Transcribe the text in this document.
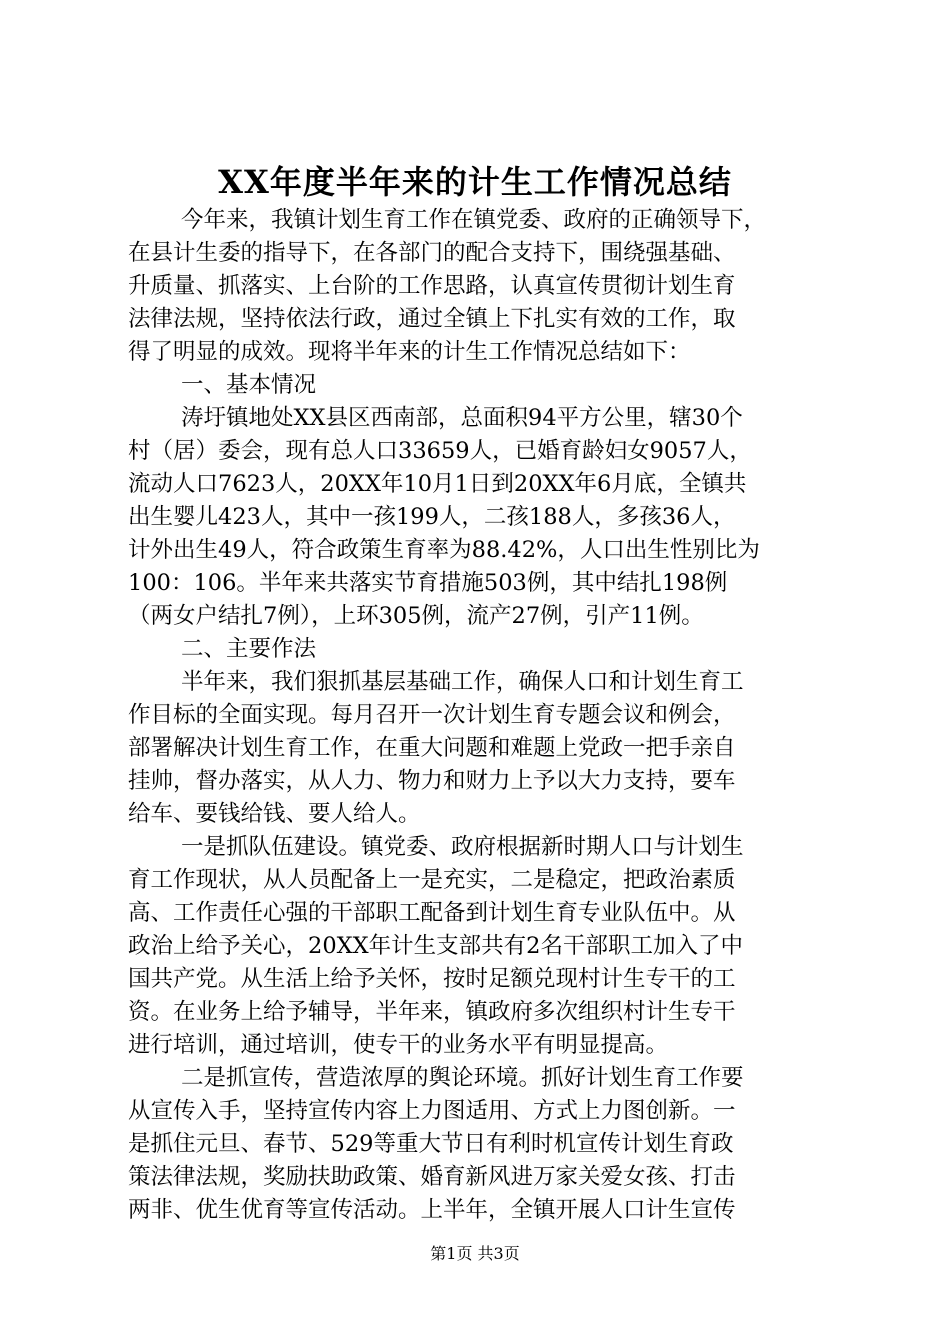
XX年度半年来的计生工作情况总结
今年来，我镇计划生育工作在镇党委、政府的正确领导下，
在县计生委的指导下，在各部门的配合支持下，围绕强基础、
升质量、抓落实、上台阶的工作思路，认真宣传贯彻计划生育
法律法规，坚持依法行政，通过全镇上下扎实有效的工作，取
得了明显的成效。现将半年来的计生工作情况总结如下：
一、基本情况
涛圩镇地处XX县区西南部，总面积94平方公里，辖30个
村（居）委会，现有总人口33659人，已婚育龄妇女9057人，
流动人口7623人，20XX年10月1日到20XX年6月底，全镇共
出生婴儿423人，其中一孩199人，二孩188人，多孩36人，
计外出生49人，符合政策生育率为88.42%，人口出生性别比为
100：106。半年来共落实节育措施503例，其中结扎198例
（两女户结扎7例），上环305例，流产27例，引产11例。
二、主要作法
半年来，我们狠抓基层基础工作，确保人口和计划生育工
作目标的全面实现。每月召开一次计划生育专题会议和例会，
部署解决计划生育工作，在重大问题和难题上党政一把手亲自
挂帅，督办落实，从人力、物力和财力上予以大力支持，要车
给车、要钱给钱、要人给人。
一是抓队伍建设。镇党委、政府根据新时期人口与计划生
育工作现状，从人员配备上一是充实，二是稳定，把政治素质
高、工作责任心强的干部职工配备到计划生育专业队伍中。从
政治上给予关心，20XX年计生支部共有2名干部职工加入了中
国共产党。从生活上给予关怀，按时足额兑现村计生专干的工
资。在业务上给予辅导，半年来，镇政府多次组织村计生专干
进行培训，通过培训，使专干的业务水平有明显提高。
二是抓宣传，营造浓厚的舆论环境。抓好计划生育工作要
从宣传入手，坚持宣传内容上力图适用、方式上力图创新。一
是抓住元旦、春节、529等重大节日有利时机宣传计划生育政
策法律法规，奖励扶助政策、婚育新风进万家关爱女孩、打击
两非、优生优育等宣传活动。上半年，全镇开展人口计生宣传
第1页 共3页
